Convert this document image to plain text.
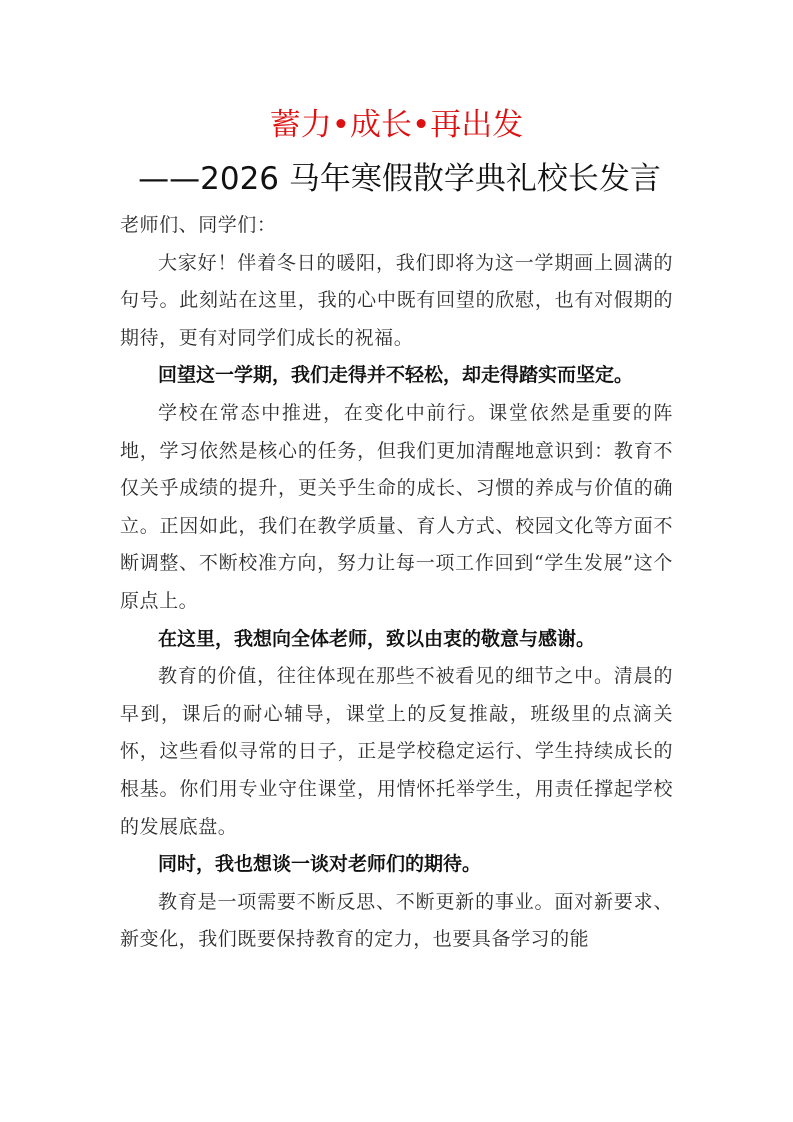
蓄力•成长•再出发
——2026 马年寒假散学典礼校长发言

老师们、同学们：

大家好！伴着冬日的暖阳，我们即将为这一学期画上圆满的句号。此刻站在这里，我的心中既有回望的欣慰，也有对假期的期待，更有对同学们成长的祝福。

回望这一学期，我们走得并不轻松，却走得踏实而坚定。

学校在常态中推进，在变化中前行。课堂依然是重要的阵地，学习依然是核心的任务，但我们更加清醒地意识到：教育不仅关乎成绩的提升，更关乎生命的成长、习惯的养成与价值的确立。正因如此，我们在教学质量、育人方式、校园文化等方面不断调整、不断校准方向，努力让每一项工作回到“学生发展”这个原点上。

在这里，我想向全体老师，致以由衷的敬意与感谢。

教育的价值，往往体现在那些不被看见的细节之中。清晨的早到，课后的耐心辅导，课堂上的反复推敲，班级里的点滴关怀，这些看似寻常的日子，正是学校稳定运行、学生持续成长的根基。你们用专业守住课堂，用情怀托举学生，用责任撑起学校的发展底盘。

同时，我也想谈一谈对老师们的期待。

教育是一项需要不断反思、不断更新的事业。面对新要求、新变化，我们既要保持教育的定力，也要具备学习的能
